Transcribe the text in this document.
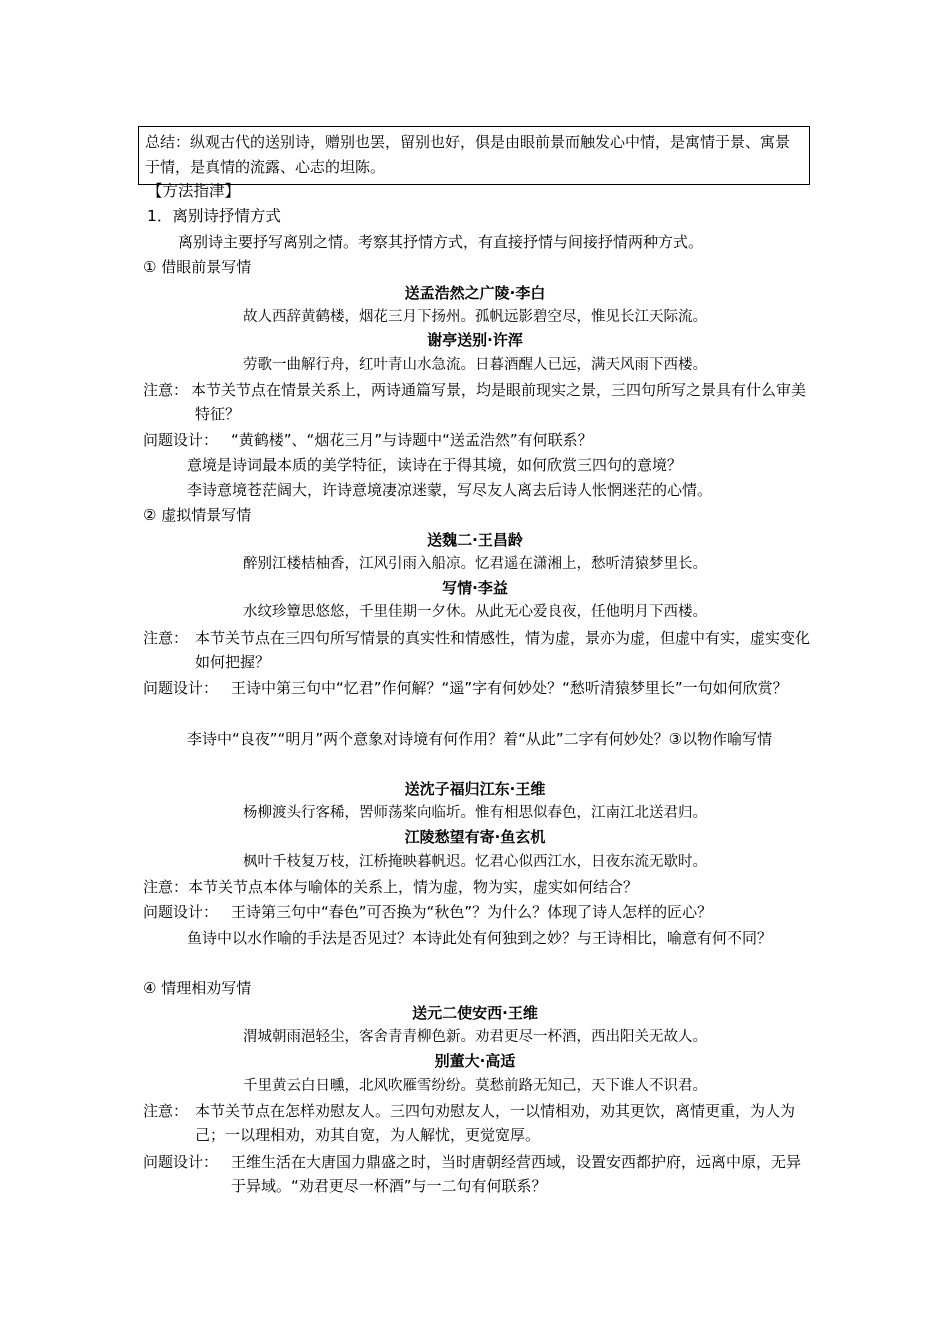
总结：纵观古代的送别诗，赠别也罢，留别也好，俱是由眼前景而触发心中情，是寓情于景、寓景于情，是真情的流露、心志的坦陈。
【方法指津】
1．离别诗抒情方式
离别诗主要抒写离别之情。考察其抒情方式，有直接抒情与间接抒情两种方式。
① 借眼前景写情
送孟浩然之广陵·李白
故人西辞黄鹤楼，烟花三月下扬州。孤帆远影碧空尽，惟见长江天际流。
谢亭送别·许浑
劳歌一曲解行舟，红叶青山水急流。日暮酒醒人已远，满天风雨下西楼。
注意： 本节关节点在情景关系上，两诗通篇写景，均是眼前现实之景，三四句所写之景具有什么审美特征？
问题设计： “黄鹤楼”、“烟花三月”与诗题中“送孟浩然”有何联系？
意境是诗词最本质的美学特征，读诗在于得其境，如何欣赏三四句的意境？
李诗意境苍茫阔大，许诗意境凄凉迷蒙，写尽友人离去后诗人怅惘迷茫的心情。
② 虚拟情景写情
送魏二·王昌龄
醉别江楼桔柚香，江风引雨入船凉。忆君遥在潇湘上，愁听清猿梦里长。
写情·李益
水纹珍簟思悠悠，千里佳期一夕休。从此无心爱良夜，任他明月下西楼。
注意： 本节关节点在三四句所写情景的真实性和情感性，情为虚，景亦为虚，但虚中有实，虚实变化如何把握？
问题设计： 王诗中第三句中“忆君”作何解？“遥”字有何妙处？“愁听清猿梦里长”一句如何欣赏？
李诗中“良夜”“明月”两个意象对诗境有何作用？着“从此”二字有何妙处？③以物作喻写情
送沈子福归江东·王维
杨柳渡头行客稀，罟师荡桨向临圻。惟有相思似春色，江南江北送君归。
江陵愁望有寄·鱼玄机
枫叶千枝复万枝，江桥掩映暮帆迟。忆君心似西江水，日夜东流无歇时。
注意： 本节关节点本体与喻体的关系上，情为虚，物为实，虚实如何结合？
问题设计： 王诗第三句中“春色”可否换为“秋色”？为什么？体现了诗人怎样的匠心？
鱼诗中以水作喻的手法是否见过？本诗此处有何独到之妙？与王诗相比，喻意有何不同？
④ 情理相劝写情
送元二使安西·王维
渭城朝雨浥轻尘，客舍青青柳色新。劝君更尽一杯酒，西出阳关无故人。
别董大·高适
千里黄云白日曛，北风吹雁雪纷纷。莫愁前路无知己，天下谁人不识君。
注意： 本节关节点在怎样劝慰友人。三四句劝慰友人，一以情相劝，劝其更饮，离情更重，为人为己；一以理相劝，劝其自宽，为人解忧，更觉宽厚。
问题设计： 王维生活在大唐国力鼎盛之时，当时唐朝经营西域，设置安西都护府，远离中原，无异于异域。“劝君更尽一杯酒”与一二句有何联系？
